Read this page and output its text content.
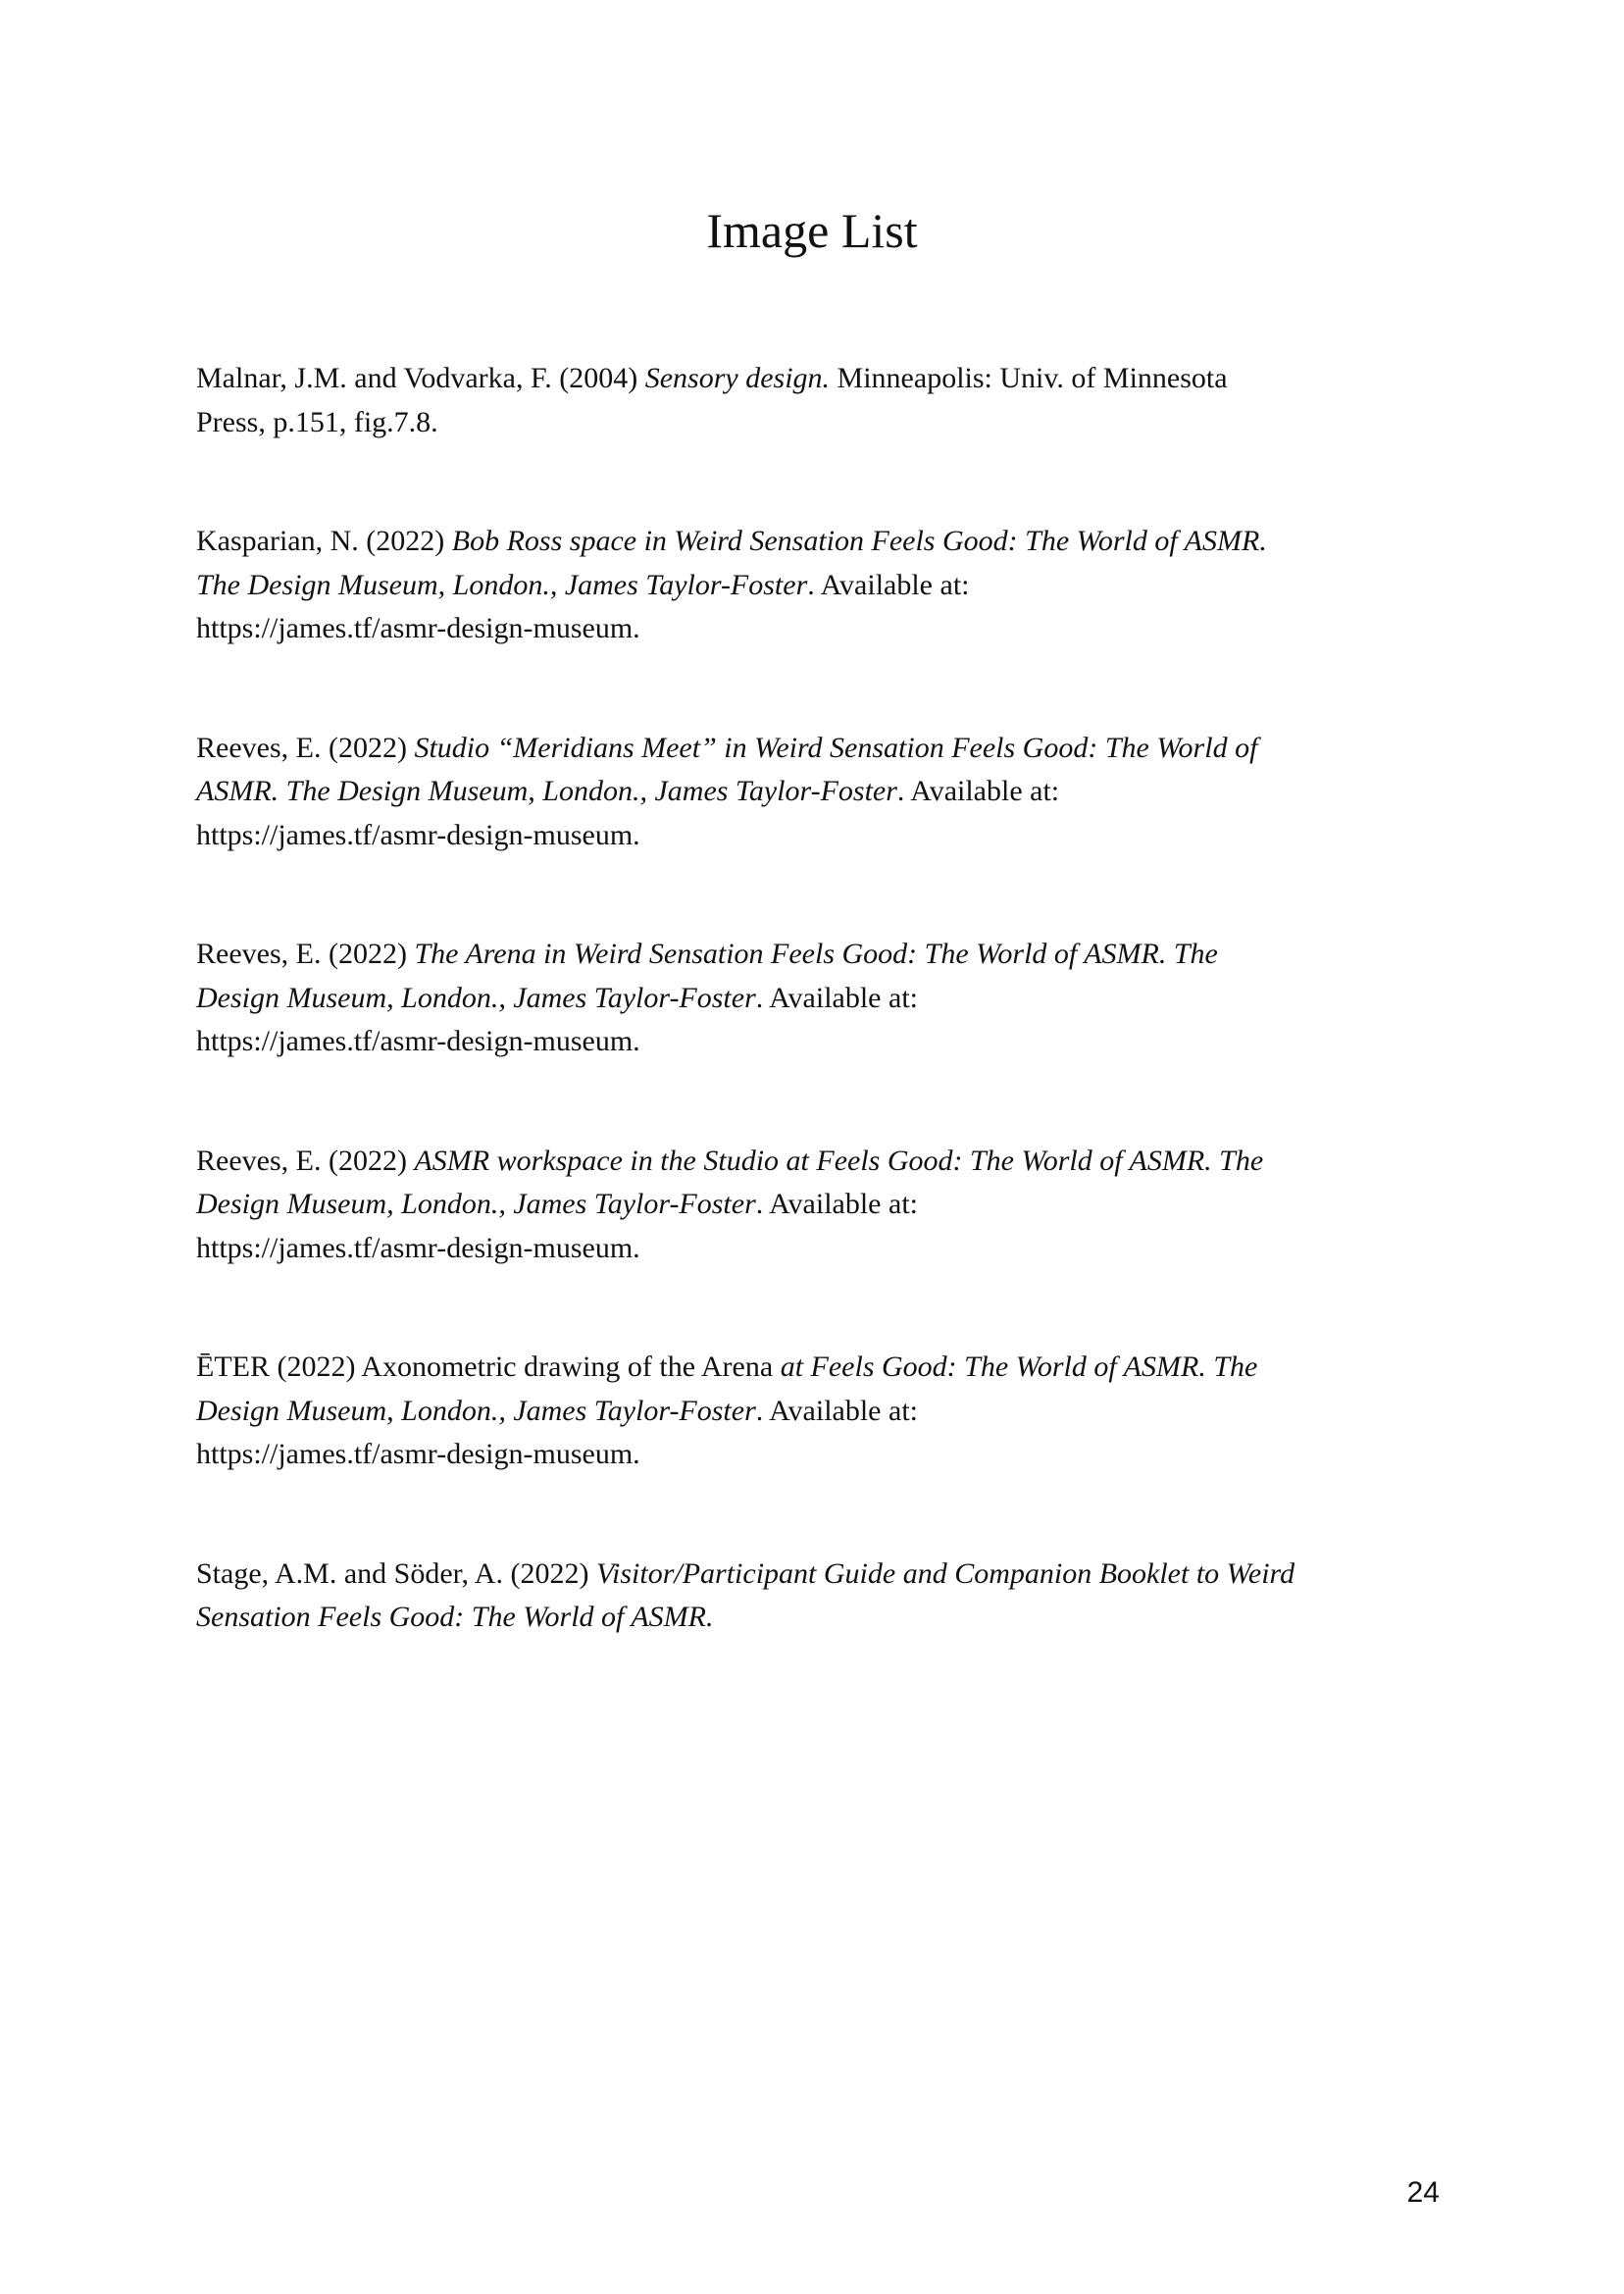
Image List

Malnar, J.M. and Vodvarka, F. (2004) Sensory design. Minneapolis: Univ. of Minnesota
Press, p.151, fig.7.8.

Kasparian, N. (2022) Bob Ross space in Weird Sensation Feels Good: The World of ASMR.
The Design Museum, London., James Taylor-Foster. Available at:
https://james.tf/asmr-design-museum.

Reeves, E. (2022) Studio “Meridians Meet” in Weird Sensation Feels Good: The World of
ASMR. The Design Museum, London., James Taylor-Foster. Available at:
https://james.tf/asmr-design-museum.

Reeves, E. (2022) The Arena in Weird Sensation Feels Good: The World of ASMR. The
Design Museum, London., James Taylor-Foster. Available at:
https://james.tf/asmr-design-museum.

Reeves, E. (2022) ASMR workspace in the Studio at Feels Good: The World of ASMR. The
Design Museum, London., James Taylor-Foster. Available at:
https://james.tf/asmr-design-museum.

ĒTER (2022) Axonometric drawing of the Arena at Feels Good: The World of ASMR. The
Design Museum, London., James Taylor-Foster. Available at:
https://james.tf/asmr-design-museum.

Stage, A.M. and Söder, A. (2022) Visitor/Participant Guide and Companion Booklet to Weird
Sensation Feels Good: The World of ASMR.

24
